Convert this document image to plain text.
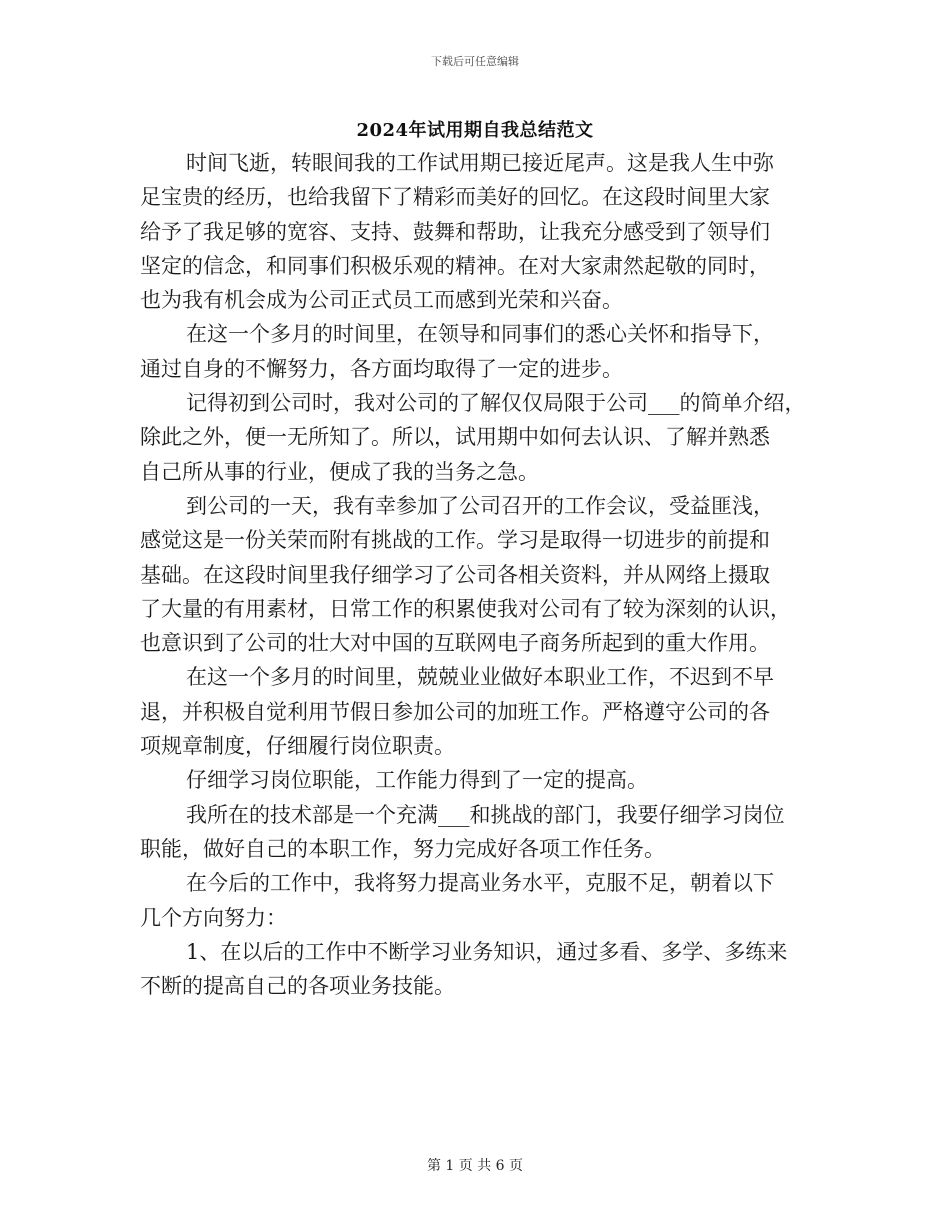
下载后可任意编辑
2024年试用期自我总结范文
时间飞逝，转眼间我的工作试用期已接近尾声。这是我人生中弥
足宝贵的经历，也给我留下了精彩而美好的回忆。在这段时间里大家
给予了我足够的宽容、支持、鼓舞和帮助，让我充分感受到了领导们
坚定的信念，和同事们积极乐观的精神。在对大家肃然起敬的同时，
也为我有机会成为公司正式员工而感到光荣和兴奋。
在这一个多月的时间里，在领导和同事们的悉心关怀和指导下，
通过自身的不懈努力，各方面均取得了一定的进步。
记得初到公司时，我对公司的了解仅仅局限于公司___的简单介绍，
除此之外，便一无所知了。所以，试用期中如何去认识、了解并熟悉
自己所从事的行业，便成了我的当务之急。
到公司的一天，我有幸参加了公司召开的工作会议，受益匪浅，
感觉这是一份关荣而附有挑战的工作。学习是取得一切进步的前提和
基础。在这段时间里我仔细学习了公司各相关资料，并从网络上摄取
了大量的有用素材，日常工作的积累使我对公司有了较为深刻的认识，
也意识到了公司的壮大对中国的互联网电子商务所起到的重大作用。
在这一个多月的时间里，兢兢业业做好本职业工作，不迟到不早
退，并积极自觉利用节假日参加公司的加班工作。严格遵守公司的各
项规章制度，仔细履行岗位职责。
仔细学习岗位职能，工作能力得到了一定的提高。
我所在的技术部是一个充满___和挑战的部门，我要仔细学习岗位
职能，做好自己的本职工作，努力完成好各项工作任务。
在今后的工作中，我将努力提高业务水平，克服不足，朝着以下
几个方向努力：
1、在以后的工作中不断学习业务知识，通过多看、多学、多练来
不断的提高自己的各项业务技能。
第 1 页 共 6 页
